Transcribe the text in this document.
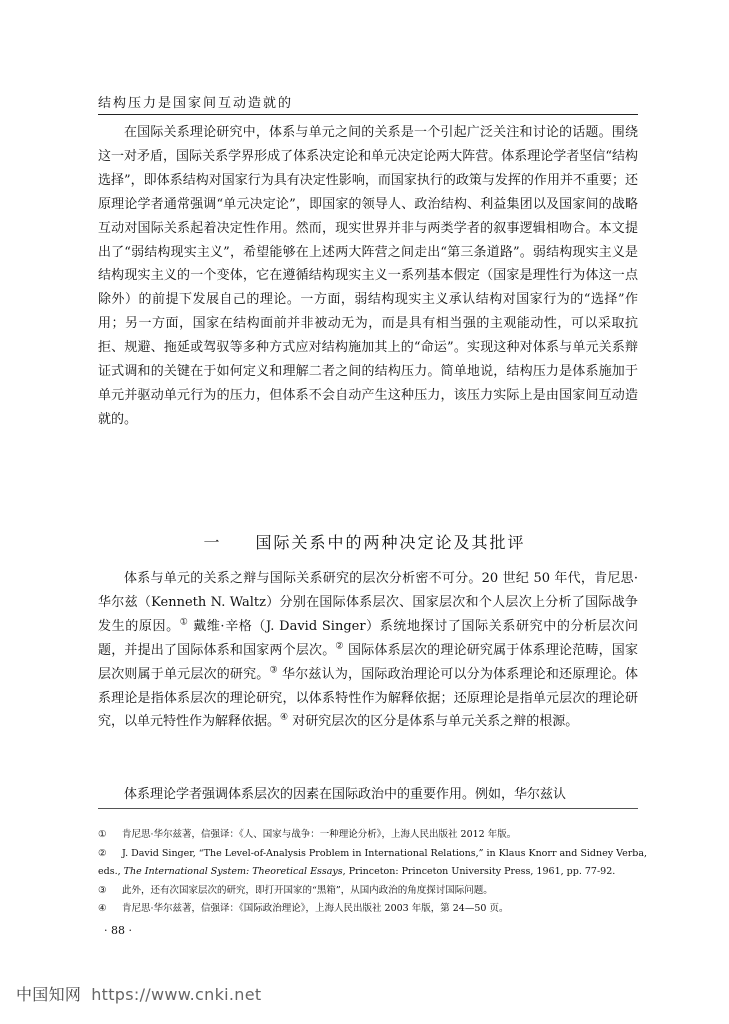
结构压力是国家间互动造就的

在国际关系理论研究中，体系与单元之间的关系是一个引起广泛关注和讨论的话题。围绕这一对矛盾，国际关系学界形成了体系决定论和单元决定论两大阵营。体系理论学者坚信“结构选择”，即体系结构对国家行为具有决定性影响，而国家执行的政策与发挥的作用并不重要；还原理论学者通常强调“单元决定论”，即国家的领导人、政治结构、利益集团以及国家间的战略互动对国际关系起着决定性作用。然而，现实世界并非与两类学者的叙事逻辑相吻合。本文提出了“弱结构现实主义”，希望能够在上述两大阵营之间走出“第三条道路”。弱结构现实主义是结构现实主义的一个变体，它在遵循结构现实主义一系列基本假定（国家是理性行为体这一点除外）的前提下发展自己的理论。一方面，弱结构现实主义承认结构对国家行为的“选择”作用；另一方面，国家在结构面前并非被动无为，而是具有相当强的主观能动性，可以采取抗拒、规避、拖延或驾驭等多种方式应对结构施加其上的“命运”。实现这种对体系与单元关系辩证式调和的关键在于如何定义和理解二者之间的结构压力。简单地说，结构压力是体系施加于单元并驱动单元行为的压力，但体系不会自动产生这种压力，该压力实际上是由国家间互动造就的。

一 国际关系中的两种决定论及其批评

体系与单元的关系之辩与国际关系研究的层次分析密不可分。20 世纪 50 年代，肯尼思·华尔兹（Kenneth N. Waltz）分别在国际体系层次、国家层次和个人层次上分析了国际战争发生的原因。① 戴维·辛格（J. David Singer）系统地探讨了国际关系研究中的分析层次问题，并提出了国际体系和国家两个层次。② 国际体系层次的理论研究属于体系理论范畴，国家层次则属于单元层次的研究。③ 华尔兹认为，国际政治理论可以分为体系理论和还原理论。体系理论是指体系层次的理论研究，以体系特性作为解释依据；还原理论是指单元层次的理论研究，以单元特性作为解释依据。④ 对研究层次的区分是体系与单元关系之辩的根源。

体系理论学者强调体系层次的因素在国际政治中的重要作用。例如，华尔兹认

① 肯尼思·华尔兹著，信强译：《人、国家与战争：一种理论分析》，上海人民出版社 2012 年版。
② J. David Singer, “The Level-of-Analysis Problem in International Relations,” in Klaus Knorr and Sidney Verba,
eds., The International System: Theoretical Essays, Princeton: Princeton University Press, 1961, pp. 77-92.
③ 此外，还有次国家层次的研究，即打开国家的“黑箱”，从国内政治的角度探讨国际问题。
④ 肯尼思·华尔兹著，信强译：《国际政治理论》，上海人民出版社 2003 年版，第 24—50 页。
· 88 ·
中国知网 https://www.cnki.net
